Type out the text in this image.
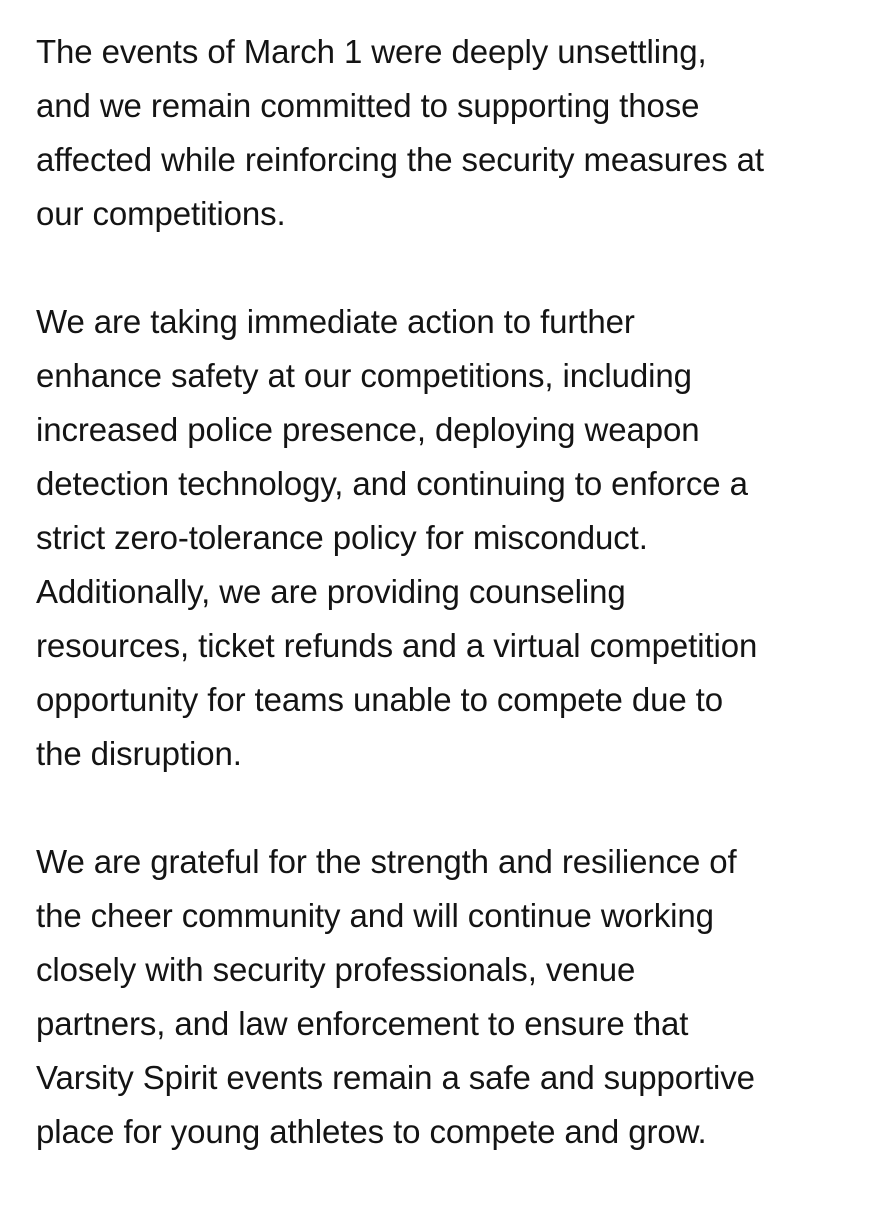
The events of March 1 were deeply unsettling,
and we remain committed to supporting those
affected while reinforcing the security measures at
our competitions.

We are taking immediate action to further
enhance safety at our competitions, including
increased police presence, deploying weapon
detection technology, and continuing to enforce a
strict zero-tolerance policy for misconduct.
Additionally, we are providing counseling
resources, ticket refunds and a virtual competition
opportunity for teams unable to compete due to
the disruption.

We are grateful for the strength and resilience of
the cheer community and will continue working
closely with security professionals, venue
partners, and law enforcement to ensure that
Varsity Spirit events remain a safe and supportive
place for young athletes to compete and grow.
